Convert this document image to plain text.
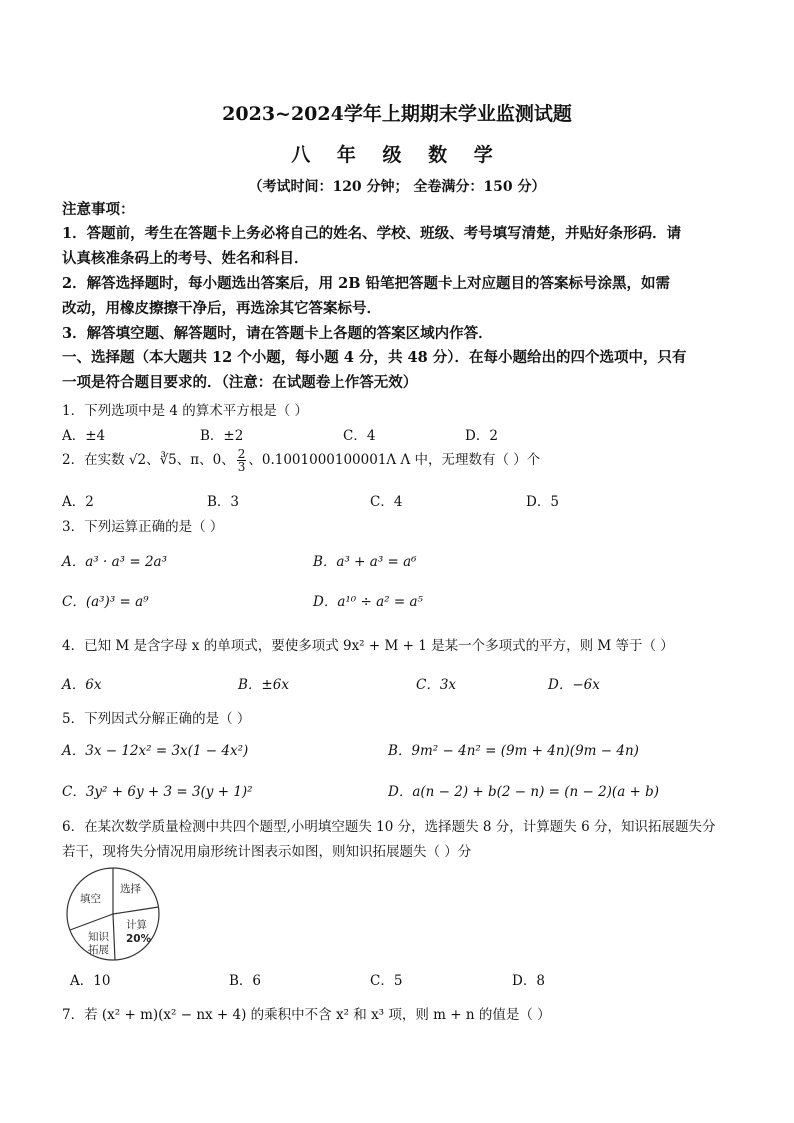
2023~2024学年上期期末学业监测试题
八 年 级 数 学
（考试时间：120 分钟； 全卷满分：150 分）
注意事项：
1．答题前，考生在答题卡上务必将自己的姓名、学校、班级、考号填写清楚，并贴好条形码．请
认真核准条码上的考号、姓名和科目．
2．解答选择题时，每小题选出答案后，用 2B 铅笔把答题卡上对应题目的答案标号涂黑，如需
改动，用橡皮擦擦干净后，再选涂其它答案标号．
3．解答填空题、解答题时，请在答题卡上各题的答案区域内作答．
一、选择题（本大题共 12 个小题，每小题 4 分，共 48 分）．在每小题给出的四个选项中，只有
一项是符合题目要求的．（注意：在试题卷上作答无效）
1．下列选项中是 4 的算术平方根是（ ）
A．±4	B．±2	C．4	D．2
2．在实数 √2、∛5、π、0、 $\frac{2}{3}$ 、0.1001000100001Λ Λ 中，无理数有（ ）个
A．2	B．3	C．4	D．5
3．下列运算正确的是（ ）
A．a³ · a³ = 2a³	B．a³ + a³ = a⁶
C．(a³)³ = a⁹	D．a¹⁰ ÷ a² = a⁵
4．已知 M 是含字母 x 的单项式，要使多项式 9x² + M + 1 是某一个多项式的平方，则 M 等于（ ）
A．6x	B．±6x	C．3x	D．−6x
5．下列因式分解正确的是（ ）
A．3x − 12x² = 3x(1 − 4x²)	B．9m² − 4n² = (9m + 4n)(9m − 4n)
C．3y² + 6y + 3 = 3(y + 1)²	D．a(n − 2) + b(2 − n) = (n − 2)(a + b)
6．在某次数学质量检测中共四个题型,小明填空题失 10 分，选择题失 8 分，计算题失 6 分，知识拓展题失分
若干，现将失分情况用扇形统计图表示如图，则知识拓展题失（ ）分
填空
选择
计算
20%
知识
拓展
A．10	B．6	C．5	D．8
7．若 (x² + m)(x² − nx + 4) 的乘积中不含 x² 和 x³ 项，则 m + n 的值是（ ）
